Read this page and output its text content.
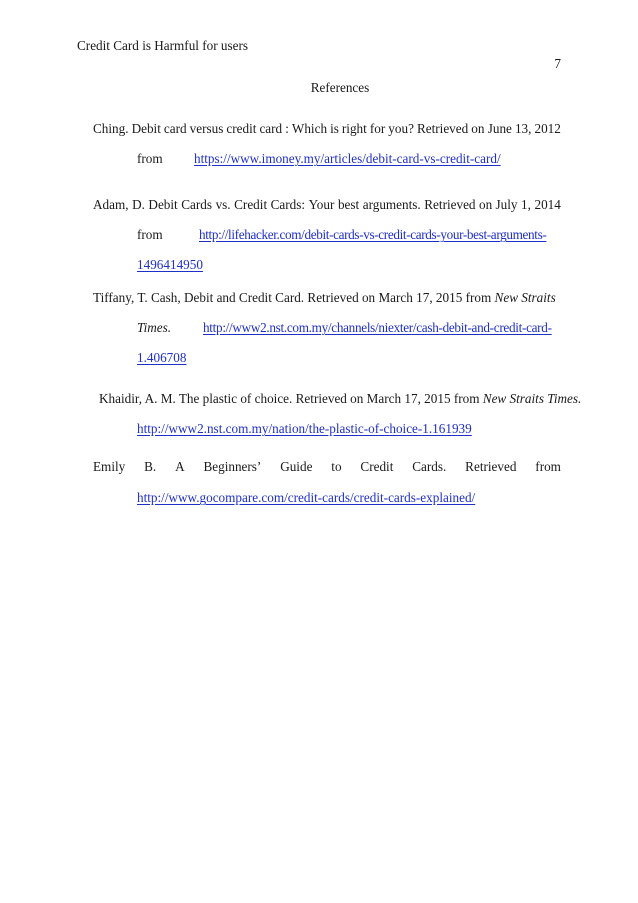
Credit Card is Harmful for users
7
References
Ching. Debit card versus credit card : Which is right for you? Retrieved on June 13, 2012
from https://www.imoney.my/articles/debit-card-vs-credit-card/
Adam, D. Debit Cards vs. Credit Cards: Your best arguments. Retrieved on July 1, 2014
from	http://lifehacker.com/debit-cards-vs-credit-cards-your-best-arguments-
1496414950
Tiffany, T. Cash, Debit and Credit Card. Retrieved on March 17, 2015 from New Straits
Times. http://www2.nst.com.my/channels/niexter/cash-debit-and-credit-card-
1.406708
Khaidir, A. M. The plastic of choice. Retrieved on March 17, 2015 from New Straits Times.
http://www2.nst.com.my/nation/the-plastic-of-choice-1.161939
Emily B. A Beginners’ Guide to Credit Cards. Retrieved from
http://www.gocompare.com/credit-cards/credit-cards-explained/
